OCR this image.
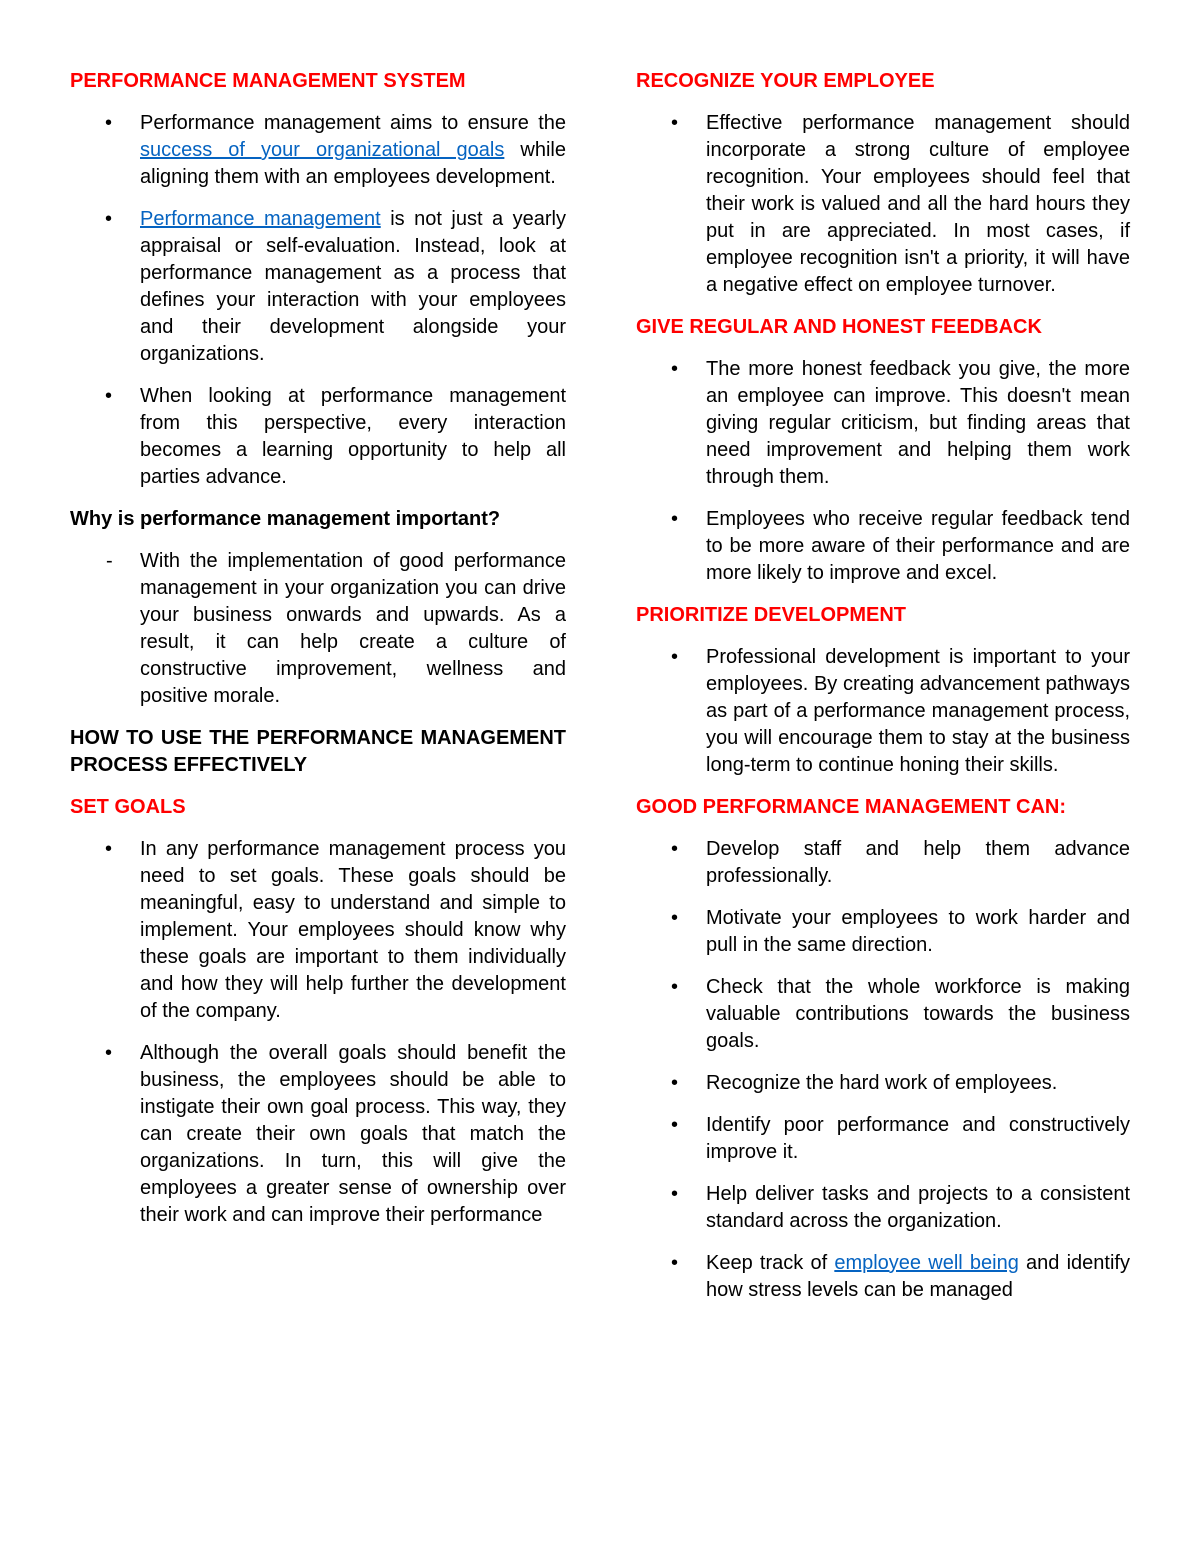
PERFORMANCE MANAGEMENT SYSTEM
•	Performance management aims to ensure the success of your organizational goals while aligning them with an employees development.
•	Performance management is not just a yearly appraisal or self-evaluation. Instead, look at performance management as a process that defines your interaction with your employees and their development alongside your organizations.
•	When looking at performance management from this perspective, every interaction becomes a learning opportunity to help all parties advance.
Why is performance management important?
-	With the implementation of good performance management in your organization you can drive your business onwards and upwards. As a result, it can help create a culture of constructive improvement, wellness and positive morale.
HOW TO USE THE PERFORMANCE MANAGEMENT PROCESS EFFECTIVELY
SET GOALS
•	In any performance management process you need to set goals. These goals should be meaningful, easy to understand and simple to implement. Your employees should know why these goals are important to them individually and how they will help further the development of the company.
•	Although the overall goals should benefit the business, the employees should be able to instigate their own goal process. This way, they can create their own goals that match the organizations. In turn, this will give the employees a greater sense of ownership over their work and can improve their performance
RECOGNIZE YOUR EMPLOYEE
•	Effective performance management should incorporate a strong culture of employee recognition. Your employees should feel that their work is valued and all the hard hours they put in are appreciated. In most cases, if employee recognition isn't a priority, it will have a negative effect on employee turnover.
GIVE REGULAR AND HONEST FEEDBACK
•	The more honest feedback you give, the more an employee can improve. This doesn't mean giving regular criticism, but finding areas that need improvement and helping them work through them.
•	Employees who receive regular feedback tend to be more aware of their performance and are more likely to improve and excel.
PRIORITIZE DEVELOPMENT
•	Professional development is important to your employees. By creating advancement pathways as part of a performance management process, you will encourage them to stay at the business long-term to continue honing their skills.
GOOD PERFORMANCE MANAGEMENT CAN:
•	Develop staff and help them advance professionally.
•	Motivate your employees to work harder and pull in the same direction.
•	Check that the whole workforce is making valuable contributions towards the business goals.
•	Recognize the hard work of employees.
•	Identify poor performance and constructively improve it.
•	Help deliver tasks and projects to a consistent standard across the organization.
•	Keep track of employee well being and identify how stress levels can be managed
